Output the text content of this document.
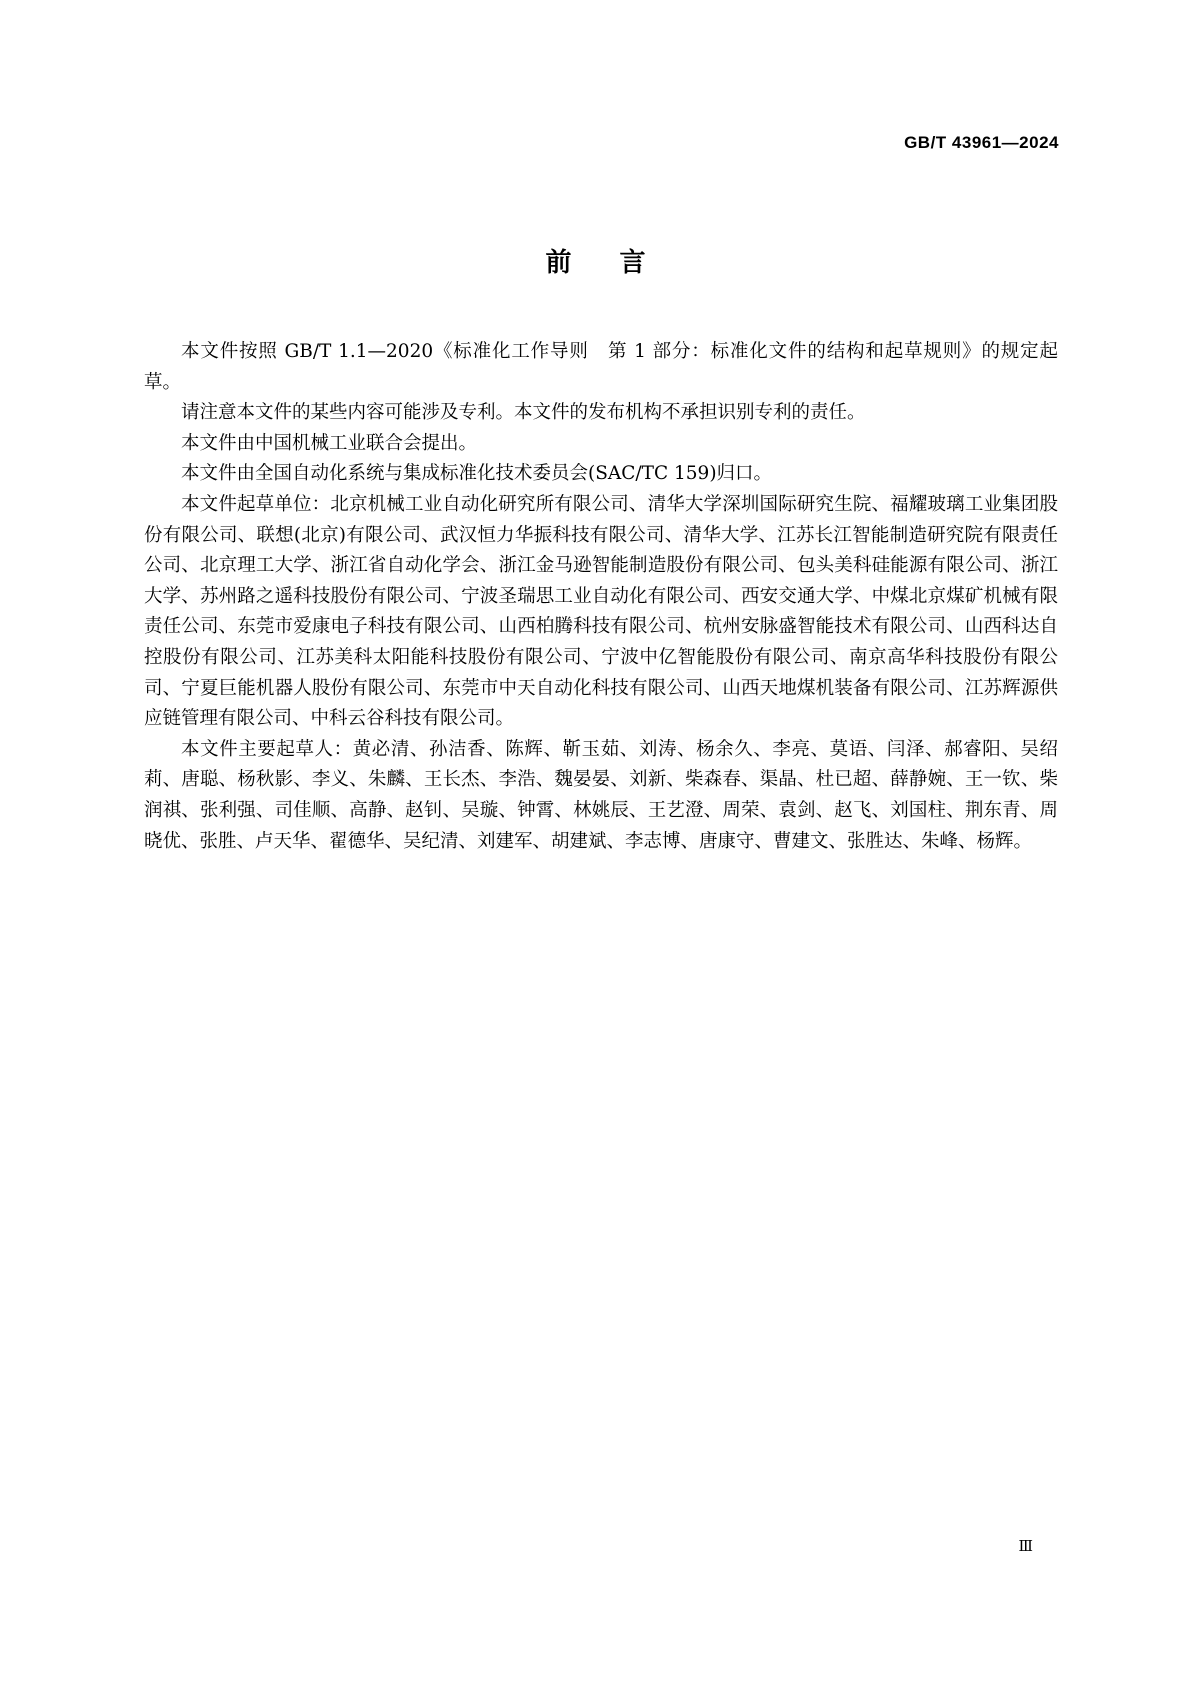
GB/T 43961—2024
前言

本文件按照 GB/T 1.1—2020《标准化工作导则　第 1 部分：标准化文件的结构和起草规则》的规定起草。

请注意本文件的某些内容可能涉及专利。本文件的发布机构不承担识别专利的责任。

本文件由中国机械工业联合会提出。

本文件由全国自动化系统与集成标准化技术委员会(SAC/TC 159)归口。

本文件起草单位：北京机械工业自动化研究所有限公司、清华大学深圳国际研究生院、福耀玻璃工业集团股份有限公司、联想(北京)有限公司、武汉恒力华振科技有限公司、清华大学、江苏长江智能制造研究院有限责任公司、北京理工大学、浙江省自动化学会、浙江金马逊智能制造股份有限公司、包头美科硅能源有限公司、浙江大学、苏州路之遥科技股份有限公司、宁波圣瑞思工业自动化有限公司、西安交通大学、中煤北京煤矿机械有限责任公司、东莞市爱康电子科技有限公司、山西柏腾科技有限公司、杭州安脉盛智能技术有限公司、山西科达自控股份有限公司、江苏美科太阳能科技股份有限公司、宁波中亿智能股份有限公司、南京高华科技股份有限公司、宁夏巨能机器人股份有限公司、东莞市中天自动化科技有限公司、山西天地煤机装备有限公司、江苏辉源供应链管理有限公司、中科云谷科技有限公司。

本文件主要起草人：黄必清、孙洁香、陈辉、靳玉茹、刘涛、杨余久、李亮、莫语、闫泽、郝睿阳、吴绍莉、唐聪、杨秋影、李义、朱麟、王长杰、李浩、魏晏晏、刘新、柴森春、渠晶、杜已超、薛静婉、王一钦、柴润祺、张利强、司佳顺、高静、赵钊、吴璇、钟霄、林姚辰、王艺澄、周荣、袁剑、赵飞、刘国柱、荆东青、周晓优、张胜、卢天华、翟德华、吴纪清、刘建军、胡建斌、李志博、唐康守、曹建文、张胜达、朱峰、杨辉。

Ⅲ
